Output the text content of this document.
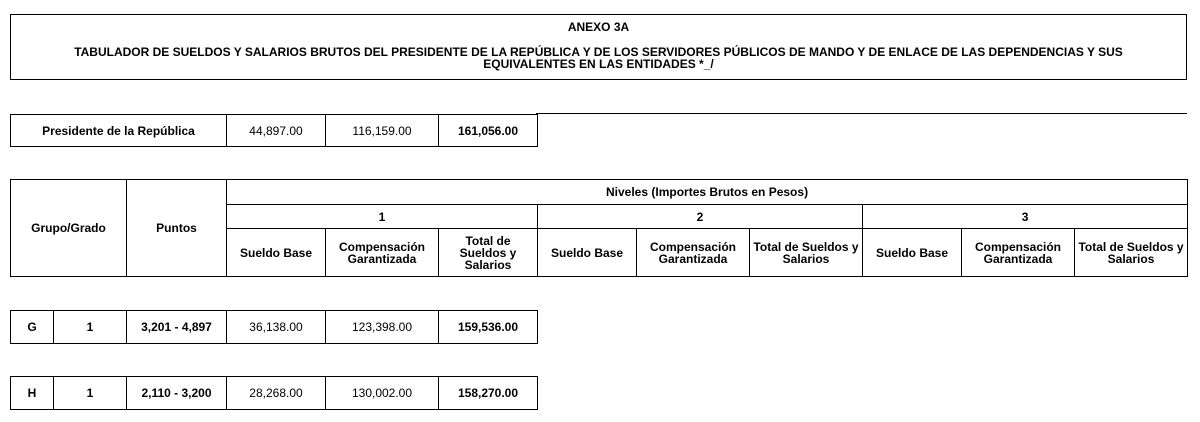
ANEXO 3A
TABULADOR DE SUELDOS Y SALARIOS BRUTOS DEL PRESIDENTE DE LA REPÚBLICA Y DE LOS SERVIDORES PÚBLICOS DE MANDO Y DE ENLACE DE LAS DEPENDENCIAS Y SUS EQUIVALENTES EN LAS ENTIDADES *_/
Presidente de la República	44,897.00	116,159.00	161,056.00
Grupo/Grado	Puntos	Niveles (Importes Brutos en Pesos)								
		1			2			3		
		Sueldo Base	Compensación Garantizada	Total de Sueldos y Salarios	Sueldo Base	Compensación Garantizada	Total de Sueldos y Salarios	Sueldo Base	Compensación Garantizada	Total de Sueldos y Salarios
G	1	3,201 - 4,897	36,138.00	123,398.00	159,536.00
H	1	2,110 - 3,200	28,268.00	130,002.00	158,270.00
